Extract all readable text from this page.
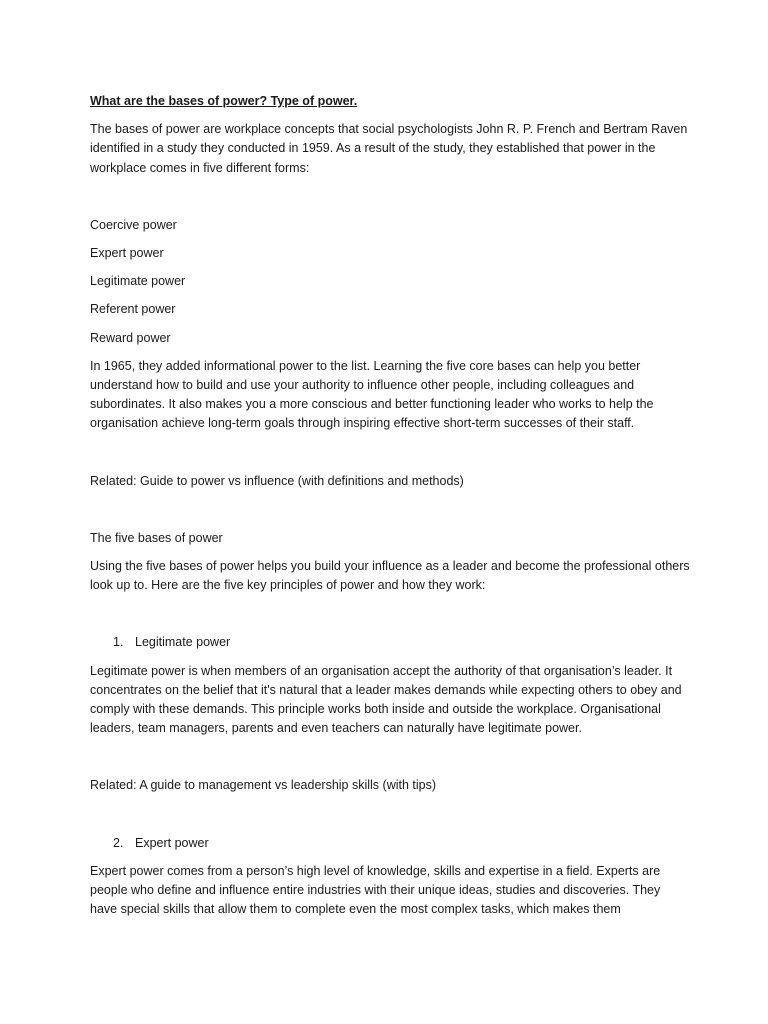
What are the bases of power? Type of power.

The bases of power are workplace concepts that social psychologists John R. P. French and Bertram Raven identified in a study they conducted in 1959. As a result of the study, they established that power in the workplace comes in five different forms:

Coercive power

Expert power

Legitimate power

Referent power

Reward power

In 1965, they added informational power to the list. Learning the five core bases can help you better understand how to build and use your authority to influence other people, including colleagues and subordinates. It also makes you a more conscious and better functioning leader who works to help the organisation achieve long-term goals through inspiring effective short-term successes of their staff.

Related: Guide to power vs influence (with definitions and methods)

The five bases of power

Using the five bases of power helps you build your influence as a leader and become the professional others look up to. Here are the five key principles of power and how they work:

1. Legitimate power

Legitimate power is when members of an organisation accept the authority of that organisation’s leader. It concentrates on the belief that it's natural that a leader makes demands while expecting others to obey and comply with these demands. This principle works both inside and outside the workplace. Organisational leaders, team managers, parents and even teachers can naturally have legitimate power.

Related: A guide to management vs leadership skills (with tips)

2. Expert power

Expert power comes from a person’s high level of knowledge, skills and expertise in a field. Experts are people who define and influence entire industries with their unique ideas, studies and discoveries. They have special skills that allow them to complete even the most complex tasks, which makes them
